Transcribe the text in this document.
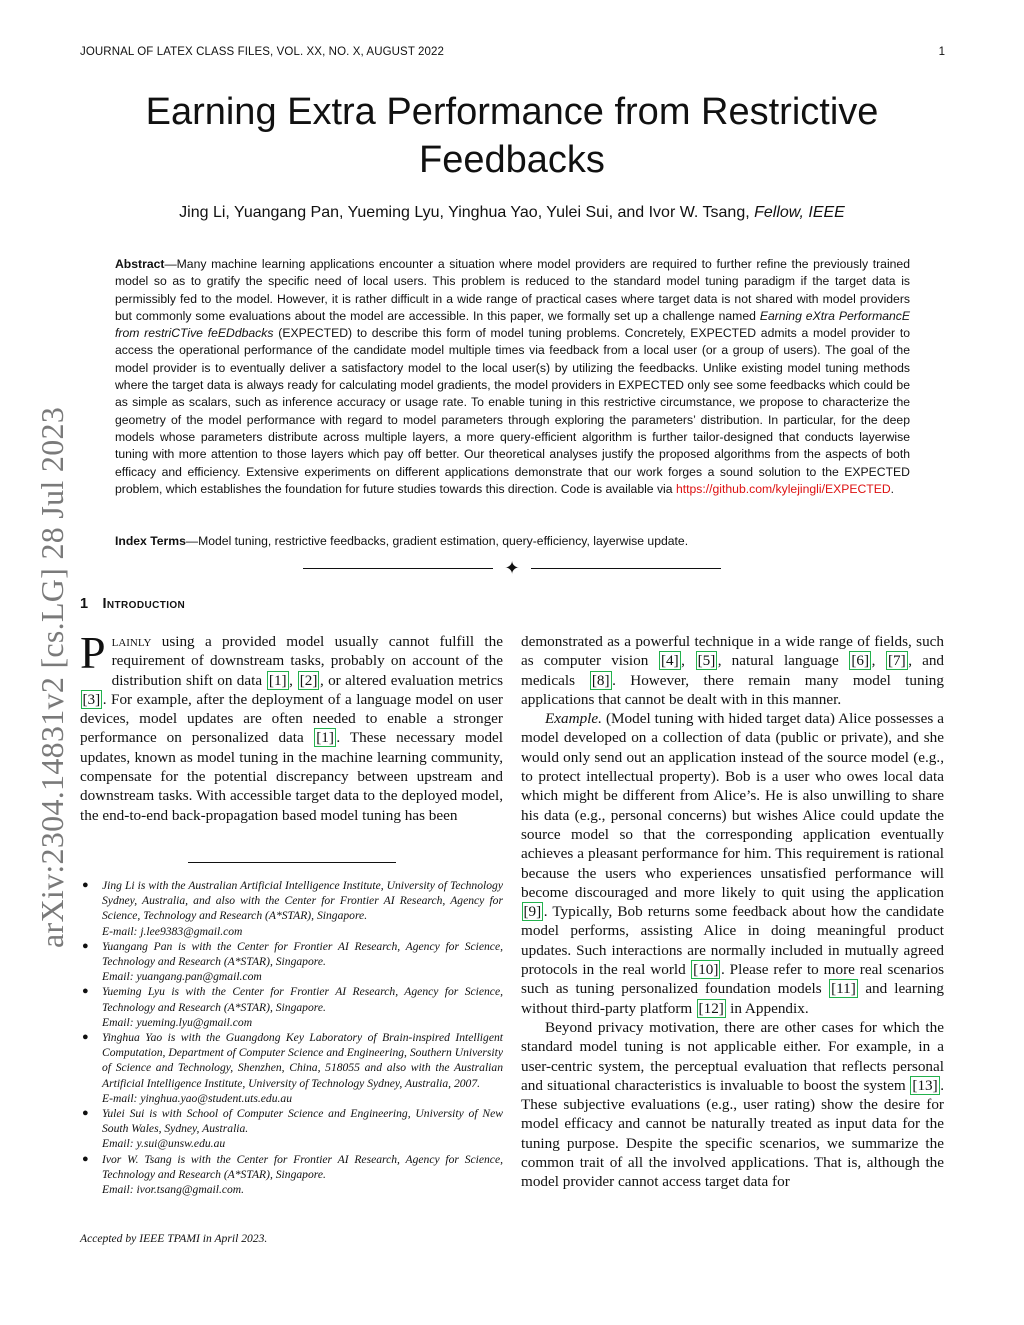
JOURNAL OF LATEX CLASS FILES, VOL. XX, NO. X, AUGUST 2022	1
arXiv:2304.14831v2 [cs.LG] 28 Jul 2023
Earning Extra Performance from Restrictive Feedbacks
Jing Li, Yuangang Pan, Yueming Lyu, Yinghua Yao, Yulei Sui, and Ivor W. Tsang, Fellow, IEEE
Abstract—Many machine learning applications encounter a situation where model providers are required to further refine the previously trained model so as to gratify the specific need of local users. This problem is reduced to the standard model tuning paradigm if the target data is permissibly fed to the model. However, it is rather difficult in a wide range of practical cases where target data is not shared with model providers but commonly some evaluations about the model are accessible. In this paper, we formally set up a challenge named Earning eXtra PerformancE from restriCTive feEDdbacks (EXPECTED) to describe this form of model tuning problems. Concretely, EXPECTED admits a model provider to access the operational performance of the candidate model multiple times via feedback from a local user (or a group of users). The goal of the model provider is to eventually deliver a satisfactory model to the local user(s) by utilizing the feedbacks. Unlike existing model tuning methods where the target data is always ready for calculating model gradients, the model providers in EXPECTED only see some feedbacks which could be as simple as scalars, such as inference accuracy or usage rate. To enable tuning in this restrictive circumstance, we propose to characterize the geometry of the model performance with regard to model parameters through exploring the parameters’ distribution. In particular, for the deep models whose parameters distribute across multiple layers, a more query-efficient algorithm is further tailor-designed that conducts layerwise tuning with more attention to those layers which pay off better. Our theoretical analyses justify the proposed algorithms from the aspects of both efficacy and efficiency. Extensive experiments on different applications demonstrate that our work forges a sound solution to the EXPECTED problem, which establishes the foundation for future studies towards this direction. Code is available via https://github.com/kylejingli/EXPECTED.
Index Terms—Model tuning, restrictive feedbacks, gradient estimation, query-efficiency, layerwise update.
✦
1 Introduction

Plainly using a provided model usually cannot fulfill the requirement of downstream tasks, probably on account of the distribution shift on data [1] , [2] , or altered evaluation metrics [3] . For example, after the deployment of a language model on user devices, model updates are often needed to enable a stronger performance on personalized data [1] . These necessary model updates, known as model tuning in the machine learning community, compensate for the potential discrepancy between upstream and downstream tasks. With accessible target data to the deployed model, the end-to-end back-propagation based model tuning has been

● Jing Li is with the Australian Artificial Intelligence Institute, University of Technology Sydney, Australia, and also with the Center for Frontier AI Research, Agency for Science, Technology and Research (A*STAR), Singapore.
E-mail: j.lee9383@gmail.com

● Yuangang Pan is with the Center for Frontier AI Research, Agency for Science, Technology and Research (A*STAR), Singapore.
Email: yuangang.pan@gmail.com

● Yueming Lyu is with the Center for Frontier AI Research, Agency for Science, Technology and Research (A*STAR), Singapore.
Email: yueming.lyu@gmail.com

● Yinghua Yao is with the Guangdong Key Laboratory of Brain-inspired Intelligent Computation, Department of Computer Science and Engineering, Southern University of Science and Technology, Shenzhen, China, 518055 and also with the Australian Artificial Intelligence Institute, University of Technology Sydney, Australia, 2007.
E-mail: yinghua.yao@student.uts.edu.au

● Yulei Sui is with School of Computer Science and Engineering, University of New South Wales, Sydney, Australia.
Email: y.sui@unsw.edu.au

● Ivor W. Tsang is with the Center for Frontier AI Research, Agency for Science, Technology and Research (A*STAR), Singapore.
Email: ivor.tsang@gmail.com.

Accepted by IEEE TPAMI in April 2023.

demonstrated as a powerful technique in a wide range of fields, such as computer vision [4] , [5] , natural language [6] , [7] , and medicals [8] . However, there remain many model tuning applications that cannot be dealt with in this manner.

Example. (Model tuning with hided target data) Alice possesses a model developed on a collection of data (public or private), and she would only send out an application instead of the source model (e.g., to protect intellectual property). Bob is a user who owes local data which might be different from Alice’s. He is also unwilling to share his data (e.g., personal concerns) but wishes Alice could update the source model so that the corresponding application eventually achieves a pleasant performance for him. This requirement is rational because the users who experiences unsatisfied performance will become discouraged and more likely to quit using the application [9] . Typically, Bob returns some feedback about how the candidate model performs, assisting Alice in doing meaningful product updates. Such interactions are normally included in mutually agreed protocols in the real world [10] . Please refer to more real scenarios such as tuning personalized foundation models [11] and learning without third-party platform [12] in Appendix.

Beyond privacy motivation, there are other cases for which the standard model tuning is not applicable either. For example, in a user-centric system, the perceptual evaluation that reflects personal and situational characteristics is invaluable to boost the system [13] . These subjective evaluations (e.g., user rating) show the desire for model efficacy and cannot be naturally treated as input data for the tuning purpose. Despite the specific scenarios, we summarize the common trait of all the involved applications. That is, although the model provider cannot access target data for
